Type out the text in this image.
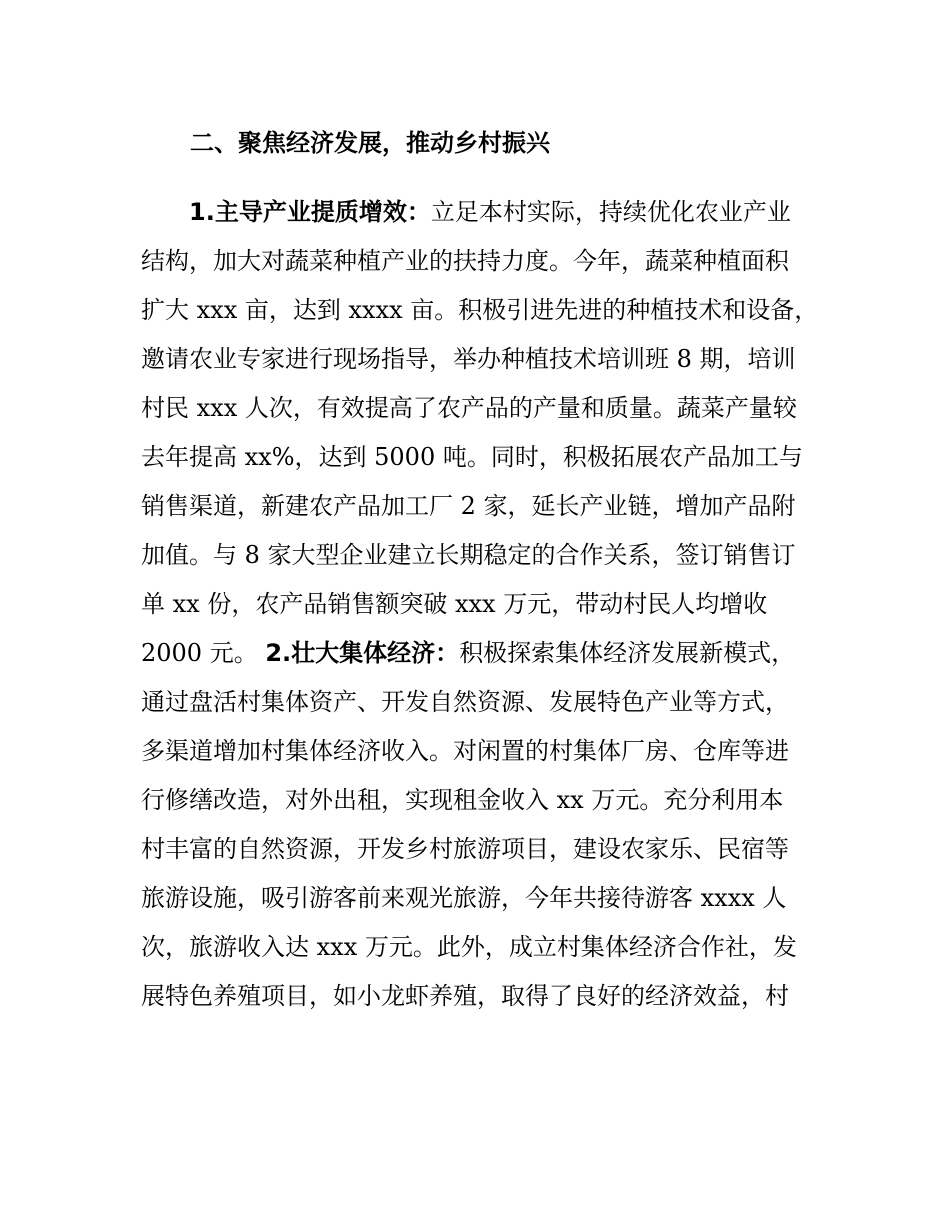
二、聚焦经济发展，推动乡村振兴
1.主导产业提质增效：立足本村实际，持续优化农业产业
结构，加大对蔬菜种植产业的扶持力度。今年，蔬菜种植面积
扩大 xxx 亩，达到 xxxx 亩。积极引进先进的种植技术和设备，
邀请农业专家进行现场指导，举办种植技术培训班 8 期，培训
村民 xxx 人次，有效提高了农产品的产量和质量。蔬菜产量较
去年提高 xx%，达到 5000 吨。同时，积极拓展农产品加工与
销售渠道，新建农产品加工厂 2 家，延长产业链，增加产品附
加值。与 8 家大型企业建立长期稳定的合作关系，签订销售订
单 xx 份，农产品销售额突破 xxx 万元，带动村民人均增收
2000 元。 2.壮大集体经济：积极探索集体经济发展新模式，
通过盘活村集体资产、开发自然资源、发展特色产业等方式，
多渠道增加村集体经济收入。对闲置的村集体厂房、仓库等进
行修缮改造，对外出租，实现租金收入 xx 万元。充分利用本
村丰富的自然资源，开发乡村旅游项目，建设农家乐、民宿等
旅游设施，吸引游客前来观光旅游，今年共接待游客 xxxx 人
次，旅游收入达 xxx 万元。此外，成立村集体经济合作社，发
展特色养殖项目，如小龙虾养殖，取得了良好的经济效益，村
